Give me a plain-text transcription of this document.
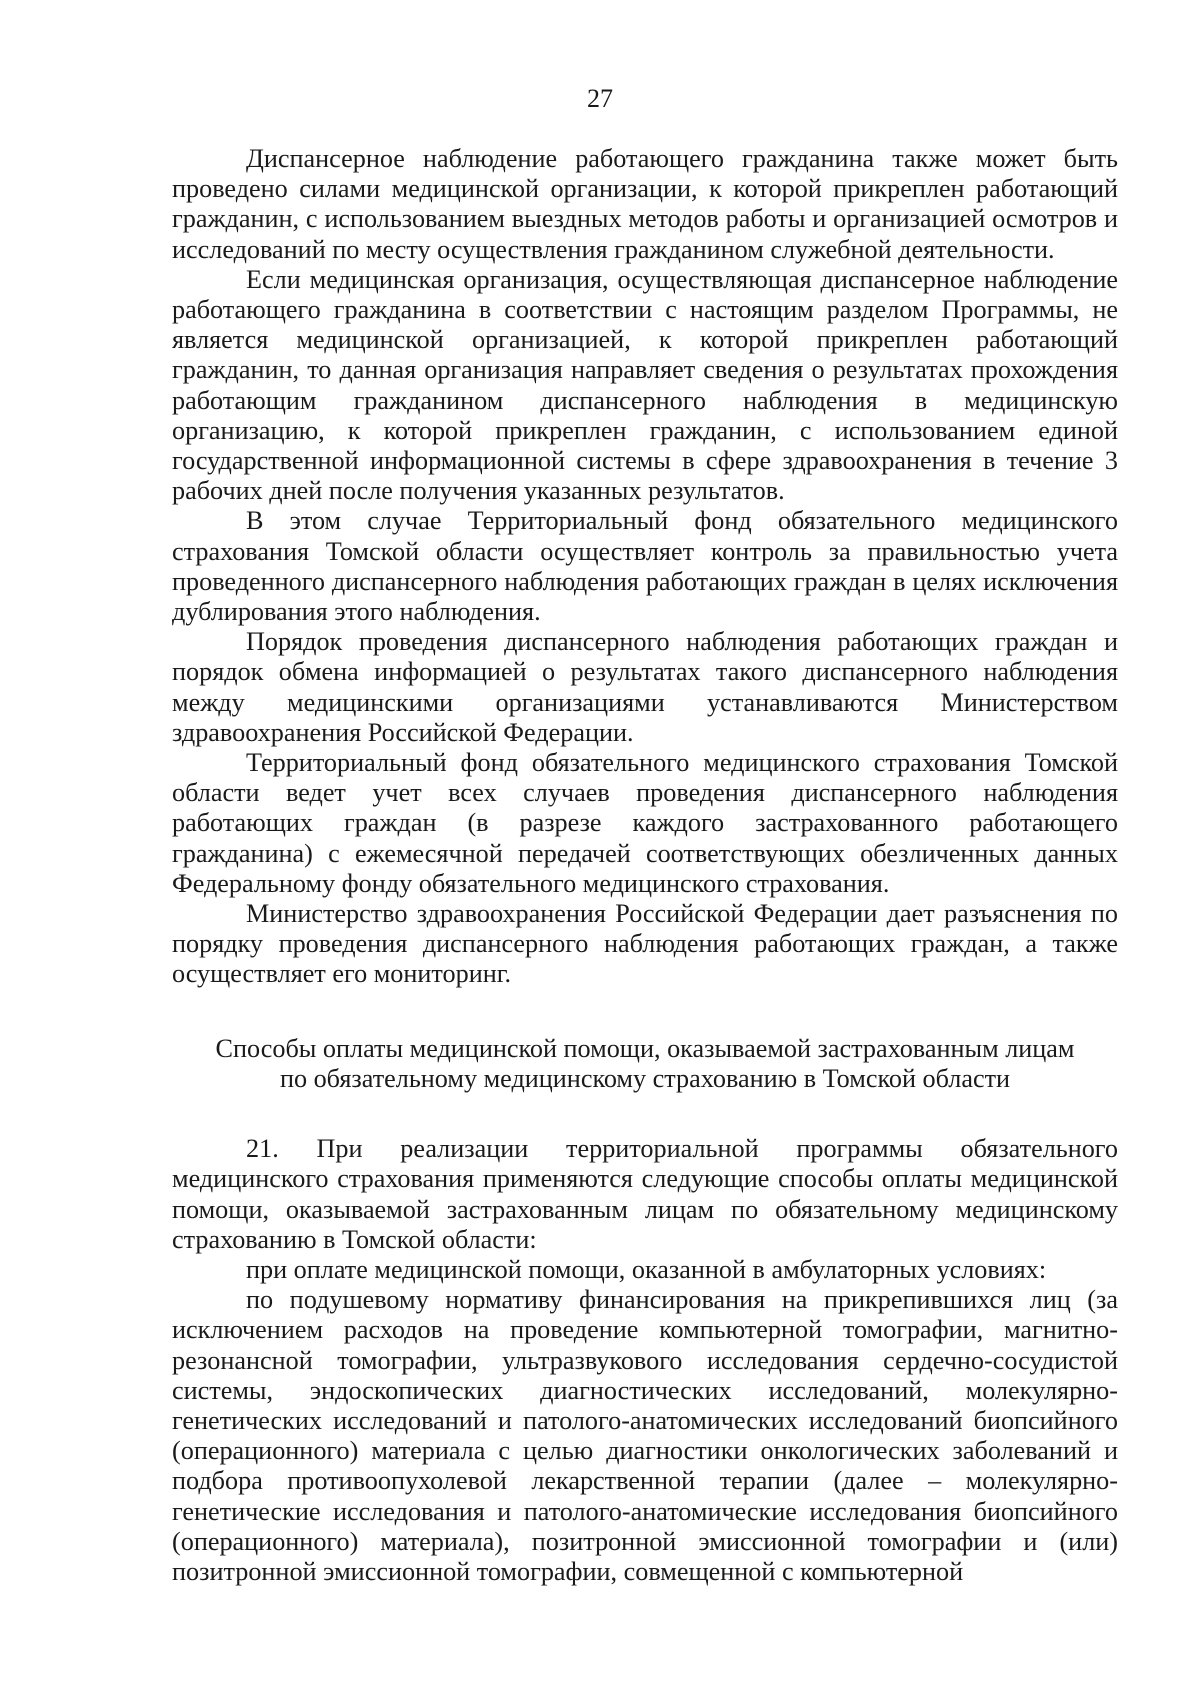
27

Диспансерное наблюдение работающего гражданина также может быть проведено силами медицинской организации, к которой прикреплен работающий гражданин, с использованием выездных методов работы и организацией осмотров и исследований по месту осуществления гражданином служебной деятельности.

Если медицинская организация, осуществляющая диспансерное наблюдение работающего гражданина в соответствии с настоящим разделом Программы, не является медицинской организацией, к которой прикреплен работающий гражданин, то данная организация направляет сведения о результатах прохождения работающим гражданином диспансерного наблюдения в медицинскую организацию, к которой прикреплен гражданин, с использованием единой государственной информационной системы в сфере здравоохранения в течение 3 рабочих дней после получения указанных результатов.

В этом случае Территориальный фонд обязательного медицинского страхования Томской области осуществляет контроль за правильностью учета проведенного диспансерного наблюдения работающих граждан в целях исключения дублирования этого наблюдения.

Порядок проведения диспансерного наблюдения работающих граждан и порядок обмена информацией о результатах такого диспансерного наблюдения между медицинскими организациями устанавливаются Министерством здравоохранения Российской Федерации.

Территориальный фонд обязательного медицинского страхования Томской области ведет учет всех случаев проведения диспансерного наблюдения работающих граждан (в разрезе каждого застрахованного работающего гражданина) с ежемесячной передачей соответствующих обезличенных данных Федеральному фонду обязательного медицинского страхования.

Министерство здравоохранения Российской Федерации дает разъяснения по порядку проведения диспансерного наблюдения работающих граждан, а также осуществляет его мониторинг.

Способы оплаты медицинской помощи, оказываемой застрахованным лицам
по обязательному медицинскому страхованию в Томской области

21. При реализации территориальной программы обязательного медицинского страхования применяются следующие способы оплаты медицинской помощи, оказываемой застрахованным лицам по обязательному медицинскому страхованию в Томской области:

при оплате медицинской помощи, оказанной в амбулаторных условиях:

по подушевому нормативу финансирования на прикрепившихся лиц (за исключением расходов на проведение компьютерной томографии, магнитно-резонансной томографии, ультразвукового исследования сердечно-сосудистой системы, эндоскопических диагностических исследований, молекулярно-генетических исследований и патолого-анатомических исследований биопсийного (операционного) материала с целью диагностики онкологических заболеваний и подбора противоопухолевой лекарственной терапии (далее – молекулярно-генетические исследования и патолого-анатомические исследования биопсийного (операционного) материала), позитронной эмиссионной томографии и (или) позитронной эмиссионной томографии, совмещенной с компьютерной
